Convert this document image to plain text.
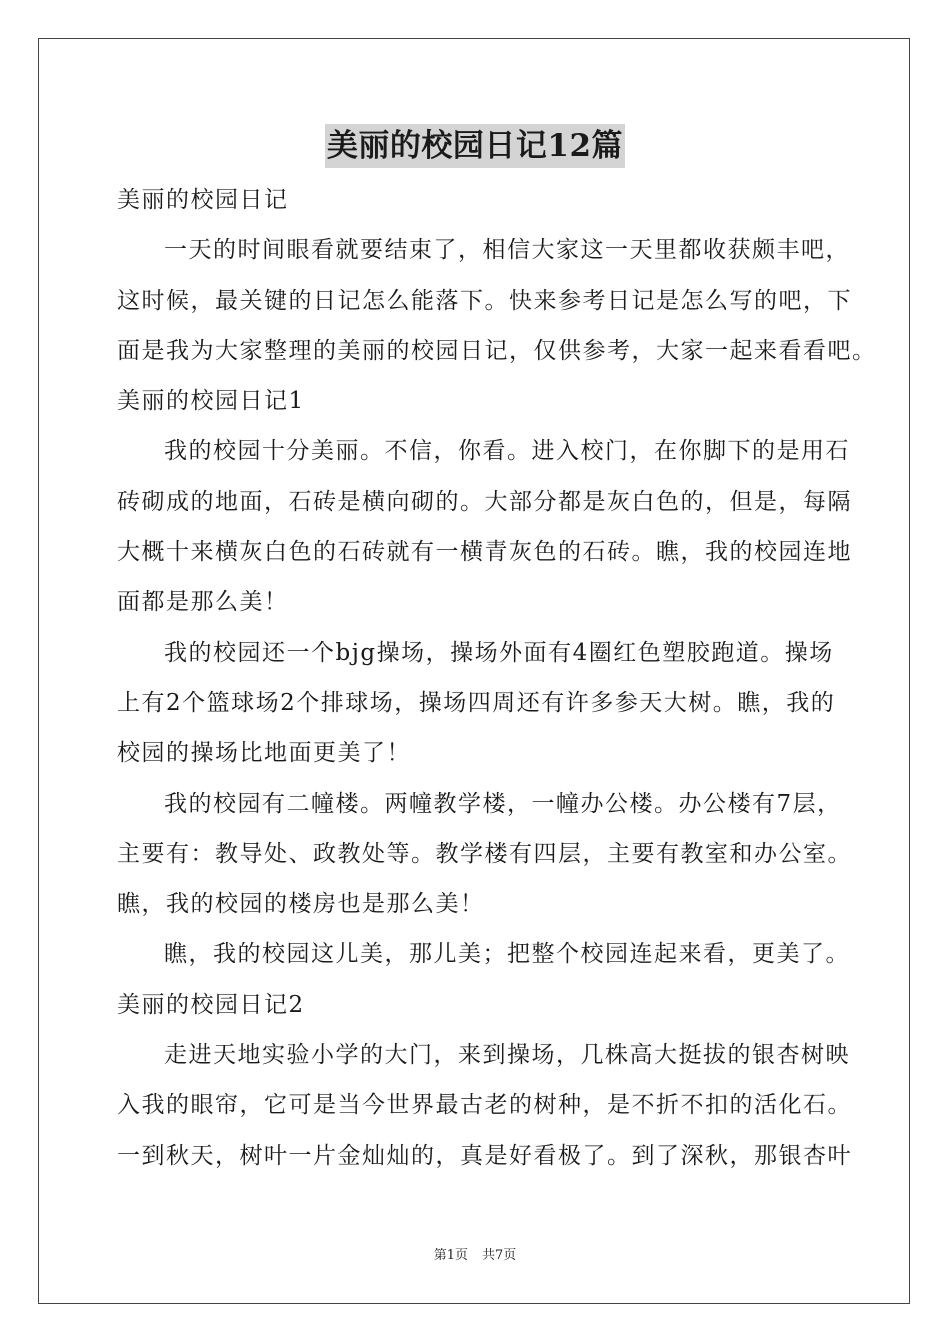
美丽的校园日记12篇
美丽的校园日记
一天的时间眼看就要结束了，相信大家这一天里都收获颇丰吧，
这时候，最关键的日记怎么能落下。快来参考日记是怎么写的吧，下
面是我为大家整理的美丽的校园日记，仅供参考，大家一起来看看吧。
美丽的校园日记1
我的校园十分美丽。不信，你看。进入校门，在你脚下的是用石
砖砌成的地面，石砖是横向砌的。大部分都是灰白色的，但是，每隔
大概十来横灰白色的石砖就有一横青灰色的石砖。瞧，我的校园连地
面都是那么美！
我的校园还一个bjg操场，操场外面有4圈红色塑胶跑道。操场
上有2个篮球场2个排球场，操场四周还有许多参天大树。瞧，我的
校园的操场比地面更美了！
我的校园有二幢楼。两幢教学楼，一幢办公楼。办公楼有7层，
主要有：教导处、政教处等。教学楼有四层，主要有教室和办公室。
瞧，我的校园的楼房也是那么美！
瞧，我的校园这儿美，那儿美；把整个校园连起来看，更美了。
美丽的校园日记2
走进天地实验小学的大门，来到操场，几株高大挺拔的银杏树映
入我的眼帘，它可是当今世界最古老的树种，是不折不扣的活化石。
一到秋天，树叶一片金灿灿的，真是好看极了。到了深秋，那银杏叶
第1页 共7页
